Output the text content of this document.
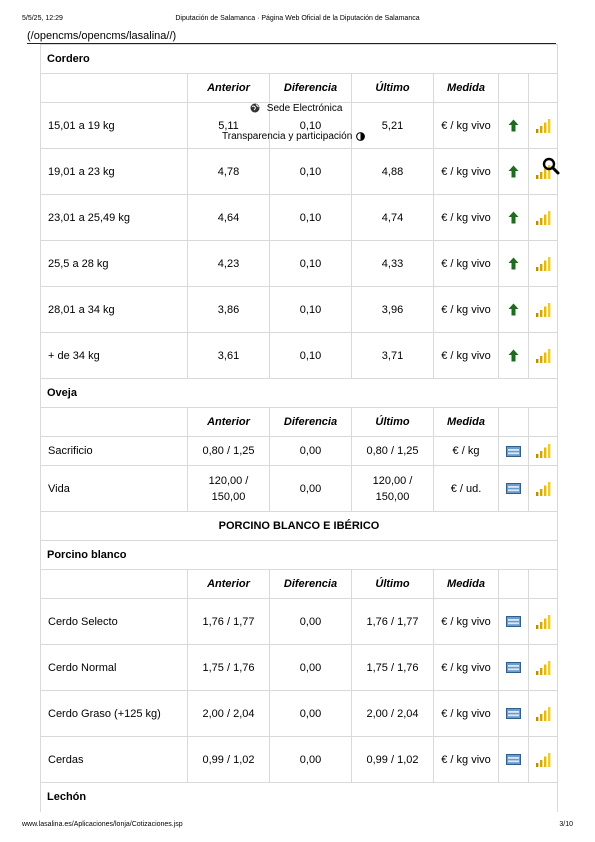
5/5/25, 12:29	Diputación de Salamanca · Página Web Oficial de la Diputación de Salamanca
(/opencms/opencms/lasalina//)
Cordero						
	Anterior	Diferencia	Último	Medida		
15,01 a 19 kg	5,11	0,10	5,21	€ / kg vivo		
19,01 a 23 kg	4,78	0,10	4,88	€ / kg vivo		
23,01 a 25,49 kg	4,64	0,10	4,74	€ / kg vivo		
25,5 a 28 kg	4,23	0,10	4,33	€ / kg vivo		
28,01 a 34 kg	3,86	0,10	3,96	€ / kg vivo		
+ de 34 kg	3,61	0,10	3,71	€ / kg vivo		
Oveja						
	Anterior	Diferencia	Último	Medida		
Sacrificio	0,80 / 1,25	0,00	0,80 / 1,25	€ / kg		
Vida	120,00 / 150,00	0,00	120,00 / 150,00	€ / ud.		
PORCINO BLANCO E IBÉRICO						
Porcino blanco						
	Anterior	Diferencia	Último	Medida		
Cerdo Selecto	1,76 / 1,77	0,00	1,76 / 1,77	€ / kg vivo		
Cerdo Normal	1,75 / 1,76	0,00	1,75 / 1,76	€ / kg vivo		
Cerdo Graso (+125 kg)	2,00 / 2,04	0,00	2,00 / 2,04	€ / kg vivo		
Cerdas	0,99 / 1,02	0,00	0,99 / 1,02	€ / kg vivo		
Lechón						
Sede Electrónica
Transparencia y participación
www.lasalina.es/Aplicaciones/lonja/Cotizaciones.jsp	3/10
